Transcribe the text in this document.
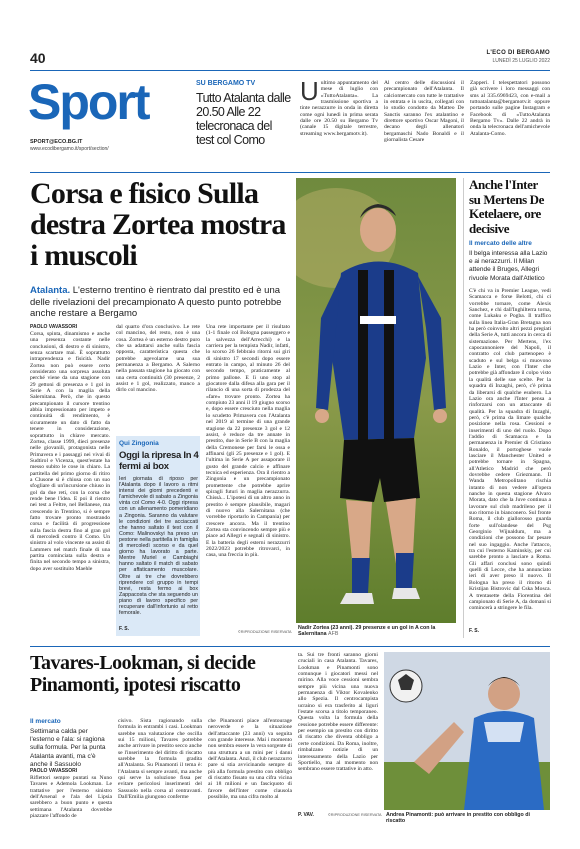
40	L'ECO DI BERGAMO
LUNEDÌ 25 LUGLIO 2022
Sport
SPORT@ECO.BG.IT
www.ecodibergamo.it/sport/section/
SU BERGAMO TV
Tutto Atalanta dalle 20.50 Alle 22 telecronaca del test col Como
Uultimo appuntamento del mese di luglio con «TuttoAtalanta». La trasmissione sportiva a tinte nerazzurre in onda in diretta come ogni lunedì in prima serata dalle ore 20.50 su Bergamo Tv (canale 15 digitale terrestre, streaming www.bergamotv.it).
Al centro delle discussioni il precampionato dell'Atalanta. Il calciomercato con tutte le trattative in entrata e in uscita, collegati con lo studio condotto da Matteo De Sanctis saranno l'ex atalantino e direttore sportivo Oscar Magoni, il decano degli allenatori bergamaschi Nado Bonaldi e il giornalista Cesare
Zapperi. I telespettatori possono già scrivere i loro messaggi con sms al 335.6969423, con e-mail a tuttoatalanta@bergamotv.it oppure portando sulle pagine Instagram e Facebook di «TuttoAtalanta Bergamo Tv». Dalle 22 andrà in onda la telecronaca dell'amichevole Atalanta-Como.
Corsa e fisico Sulla destra Zortea mostra i muscoli
Atalanta. L'esterno trentino è rientrato dal prestito ed è una delle rivelazioni del precampionato A questo punto potrebbe anche restare a Bergamo
PAOLO VAVASSORI
Corsa, spinta, dinamismo e anche una presenza costante nelle conclusioni, di destro e di sinistro, senza scartare mai. È soprattutto intraprendenza e fisicità. Nadir Zortea non può essere certo considerato una sorpresa assoluta perché viene da una stagione con 29 gettoni di presenza e 1 gol in Serie A con la maglia della Salernitana. Però, che in questo precampionato il cursore trentino abbia impressionato per impeto e continuità di rendimento, è sicuramente un dato di fatto da tenere in considerazione, soprattutto in chiave mercato. Zortea, classe 1999, dieci presenze nelle giovanili, protagonista nelle Primavera e i passaggi nei vivai di Sudtirol e Vicenza, quest'estate ha messo subito le cose in chiaro. La partitella del primo giorno di ritiro a Clusone si è chiusa con un suo sfogliare di un'incursione chiuso in gol da due reti, con la corsa che rende bene l'idea. E poi il rientro nei test a Feltre, nel Bellanese, ma crescendo in Trentino, si è sempre fatto trovare pronto mostrando corsa e facilità di progressione sulla fascia destra fino al gran gol di mercoledì contro il Como. Un sinistro al volo vincente su assist di Lammers nel match finale di una partita cominciata sulla destra e finita nel secondo tempo a sinistra, dopo aver sostituito Maehle
dal quarto d'ora conclusivo. Le rete col mancino, del resto, non è una cosa. Zortea è un esterno destro puro che sa adattarsi anche sulla fascia opposta, caratteristica questa che potrebbe agevolarne una sua permanenza a Bergamo. A Salerno nella passata stagione ha giocato con una certa continuità (30 presenze, 2 assist e 1 gol, realizzato, manco a dirlo col mancino.
Qui Zingonia
Oggi la ripresa In 4 fermi ai box
Ieri giornata di riposo per l'Atalanta dopo il lavoro a ritmi intensi dei giorni precedenti e l'amichevole di sabato a Zingonia vinta col Como 4-0. Oggi ripresa con un allenamento pomeridiano a Zingonia. Saranno da valutare le condizioni dei tre acciaccati che hanno saltato il test con il Como: Malinovskyi ha preso un pestone nella partitella in famiglia di mercoledì scorso e da quel giorno ha lavorato a parte. Mentre Muriel e Cambiaghi hanno saltato il match di sabato per affaticamento muscolare. Oltre ai tre che dovrebbero riprendere col gruppo in tempi brevi, resta fermo ai box Zappacosta che sta seguendo un piano di lavoro specifico per recuperare dall'infortunio al retto femorale.
F. S.
Una rete importante per il risultato (1-1 finale col Bologna passeggero e la salvezza dell'Arrecchi) e la carriera per la tempista Nadir, infatti, lo scorso 26 febbraio ritorni sui giri di sinistro 17 secondi dopo essere entrato in campo, al minuto 26 del secondo tempo, praticamente al primo pallone. E lì uno stop al giocatore dalla difesa alla gara per il rilancio di una sorta di prodezza del «fare» trovare pronto. Zortea ha compiuto 23 anni il 19 giugno scorso e, dopo essere cresciuto nella maglia lo scudetto Primavera con l'Atalanta nel 2019 al termine di una grande stagione da 22 presenze 3 gol e 12 assist, è reduce da tre annate in prestito, due in Serie B con la maglia della Cremonese per farsi le ossa e affinarsi (gli 25 presenze e 1 gol). E l'ultima in Serie A per assaporare il gusto del grande calcio e affinare tecnica ed esperienza. Ora il rientro a Zingonia e un precampionato promettente che potrebbe aprire spiragli futuri in maglia nerazzurra. Chissà... L'ipotesi di un altro anno in prestito è sempre plausibile, magari di nuovo alla Salernitana (che vorrebbe riportarlo in Campania) per crescere ancora. Ma il trentino Zortea sta convincendo sempre più e piace ad Allegri e segnali di sinistro. E la batteria degli esterni nerazzurri 2022/2023 potrebbe ritrovarci, in casa, una freccia in più.
©RIPRODUZIONE RISERVATA
Nadir Zortea (23 anni). 29 presenze e un gol in A con la Salernitana AFB
Anche l'Inter su Mertens De Ketelaere, ore decisive
Il mercato delle altre
Il belga interessa alla Lazio e ai nerazzurri. Il Milan attende il Bruges, Allegri rivuole Morata dall'Atletico
C'è chi va in Premier League, vedi Scamacca e forse Belotti, chi ci vorrebbe tornare, come Alexis Sanchez, e chi dall'Inghilterra torna, come Lukaku e Pogba. Il traffico sulla linea Italia-Gran Bretagna non ha però coinvolto altri pezzi pregiati della Serie A, tutti ancora in cerca di sistemazione. Per Mertens, l'ex capocannoniere del Napoli, il contratto col club partenopeo è scaduto e sul belga si muovono Lazio e Inter, con l'Inter che potrebbe già affondare il colpo visto la qualità delle sue scelte. Per la squadra di Inzaghi, però, c'è prima da liberarsi di qualche esubero. La Lazio ora anche l'Inter pensa a rinforzarsi con un attaccante di qualità. Per la squadra di Inzaghi, però, c'è prima da limare qualche posizione nella rosa. Cessioni e inserimenti di uno del ruolo. Dopo l'addio di Scamacca e la permanenza in Premier di Cristiano Ronaldo, il portoghese vuole lasciare il Manchester United e potrebbe tornare in Spagna, all'Atletico Madrid che però dovrebbe cedere Griezmann. Il Wanda Metropolitano rischia intanto di non vedere all'opera nanche in questa stagione Alvaro Morata, dato che la Juve continua a lavorare sul club madrileno per il suo ritorno in bianconero. Sul fronte Roma, il club giallorosso guarda forte sull'olandese del Psg Georginio Wijnaldum, ma a condizioni che possono far pesare nel suo ingaggio. Anche l'attacco, tra cui l'esterno Kaminskiy, per cui sarebbe pronto a lasciare a Roma. Gli affari conclusi sono quindi quelli di Lecce, che ha annunciato ieri di aver preso il nuovo. Il Bologna ha preso il ritorno di Kristijan Bistrovic dal Cska Mosca. A trentasette della Fiorentina del campionato di Serie A, da domani si comincerà a stringere le fila.
F. S.
Tavares-Lookman, si decide Pinamonti, ipotesi riscatto
Il mercato
Settimana calda per l'esterno e l'ala: si ragiona sulla formula. Per la punta Atalanta avanti, ma c'è anche il Sassuolo
PAOLO VAVASSORI
Riflettori sempre puntati su Nuno Tavares e Ademola Lookman. Le trattative per l'esterno sinistro dell'Arsenal e l'ala del Lipsia sarebbero a buon punto e questa settimana l'Atalanta dovrebbe piazzare l'affondo de
cisivo. Sista ragionando sulla formula in entrambi i casi. Lookman sarebbe una valutazione che oscilla sui 15 milioni, Tavares potrebbe anche arrivare in prestito secco anche se l'inserimento del diritto di riscatto sarebbe la formula gradita all'Atalanta. Su Pinamonti il tema è: l'Atalanta si sempre avanti, ma anche qui serve la soluzione fissa per evitare pericolosi inserimenti del Sassuolo nella corsa al centravanti. Dall'Emilia giungono conferme
che Pinamonti piace all'entourage neroverde e la situazione dell'attaccante (23 anni) va seguita con grande interesse. Mai i momento non sembra essere la vera sorgente di una struttura a un mini per i danni dell'Atalanta. Anzi, il club nerazzurro pare si stia avvicinando sempre di più alla formula prestito con obbligo di riscatto fissato su una cifra vicina ai 18 milioni e un fasciquoto di favore dell'Inter come clausola possibile, ma una cifra molto al
ta. Sui tre fronti saranno giorni cruciali in casa Atalanta. Tavares, Lookman e Pinamonti sono comunque i giocatori messi nel mirino. Alla voce cessioni sembra sempre più vicina una nuova permanenza di Viktor Kovalenko allo Spezia. Il centrocampista ucraino si era trasferito ai liguri l'estate scorsa a titolo temporaneo. Questa volta la formula della cessione potrebbe essere differente: per esempio un prestito con diritto di riscatto che diventa obbligo a certe condizioni. Da Roma, inoltre, rimbalzano notizie di un interessamento della Lazio per Sportiello, ma al momento non sembrano essere trattative in atto.
P. VAV.	©RIPRODUZIONE RISERVATA Andrea Pinamonti: può arrivare in prestito con obbligo di riscatto
